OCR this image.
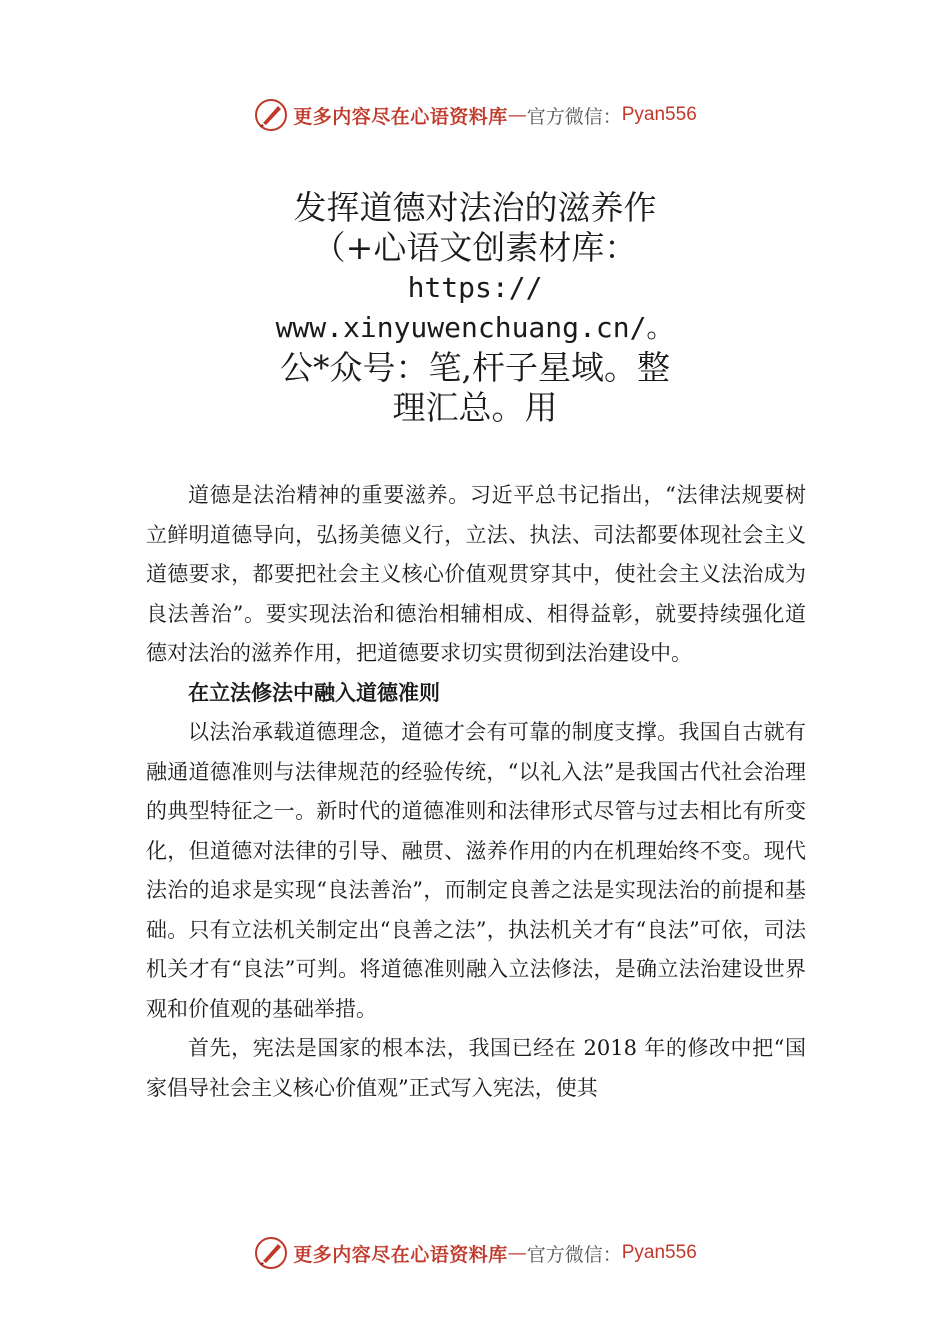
更多内容尽在心语资料库 — 官方微信： Pyan556
发挥道德对法治的滋养作
（+心语文创素材库：
https://
www.xinyuwenchuang.cn/。
公*众号：笔,杆子星域。整
理汇总。用

道德是法治精神的重要滋养。习近平总书记指出，“法律法规要树立鲜明道德导向，弘扬美德义行，立法、执法、司法都要体现社会主义道德要求，都要把社会主义核心价值观贯穿其中，使社会主义法治成为良法善治”。要实现法治和德治相辅相成、相得益彰，就要持续强化道德对法治的滋养作用，把道德要求切实贯彻到法治建设中。

在立法修法中融入道德准则

以法治承载道德理念，道德才会有可靠的制度支撑。我国自古就有融通道德准则与法律规范的经验传统，“以礼入法”是我国古代社会治理的典型特征之一。新时代的道德准则和法律形式尽管与过去相比有所变化，但道德对法律的引导、融贯、滋养作用的内在机理始终不变。现代法治的追求是实现“良法善治”，而制定良善之法是实现法治的前提和基础。只有立法机关制定出“良善之法”，执法机关才有“良法”可依，司法机关才有“良法”可判。将道德准则融入立法修法，是确立法治建设世界观和价值观的基础举措。

首先，宪法是国家的根本法，我国已经在 2018 年的修改中把“国家倡导社会主义核心价值观”正式写入宪法，使其

更多内容尽在心语资料库 — 官方微信： Pyan556
